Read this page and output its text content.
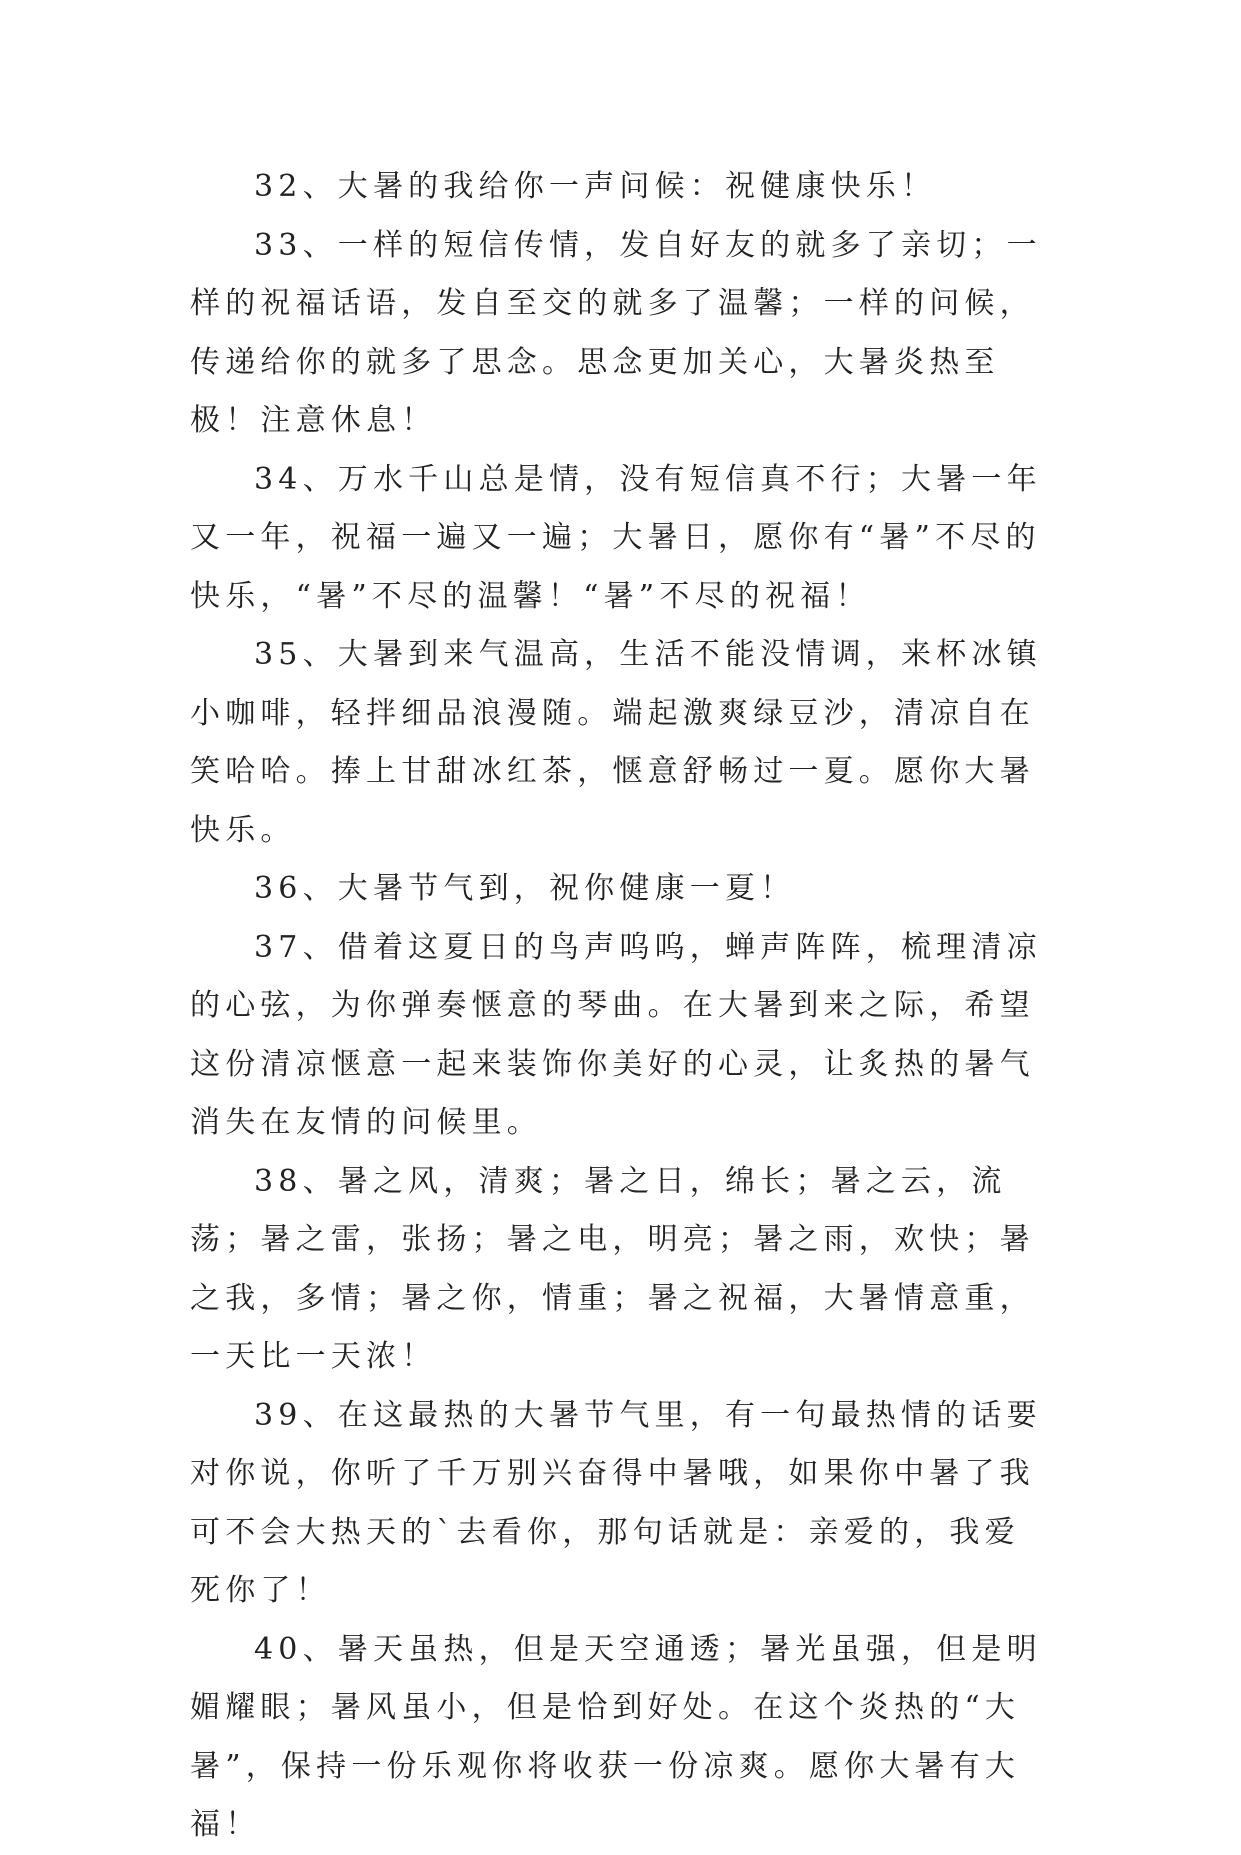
32、大暑的我给你一声问候：祝健康快乐！

33、一样的短信传情，发自好友的就多了亲切；一样的祝福话语，发自至交的就多了温馨；一样的问候，传递给你的就多了思念。思念更加关心，大暑炎热至极！注意休息！

34、万水千山总是情，没有短信真不行；大暑一年又一年，祝福一遍又一遍；大暑日，愿你有“暑”不尽的快乐，“暑”不尽的温馨！“暑”不尽的祝福！

35、大暑到来气温高，生活不能没情调，来杯冰镇小咖啡，轻拌细品浪漫随。端起激爽绿豆沙，清凉自在笑哈哈。捧上甘甜冰红茶，惬意舒畅过一夏。愿你大暑快乐。

36、大暑节气到，祝你健康一夏！

37、借着这夏日的鸟声呜呜，蝉声阵阵，梳理清凉的心弦，为你弹奏惬意的琴曲。在大暑到来之际，希望这份清凉惬意一起来装饰你美好的心灵，让炙热的暑气消失在友情的问候里。

38、暑之风，清爽；暑之日，绵长；暑之云，流荡；暑之雷，张扬；暑之电，明亮；暑之雨，欢快；暑之我，多情；暑之你，情重；暑之祝福，大暑情意重，一天比一天浓！

39、在这最热的大暑节气里，有一句最热情的话要对你说，你听了千万别兴奋得中暑哦，如果你中暑了我可不会大热天的`去看你，那句话就是：亲爱的，我爱死你了！

40、暑天虽热，但是天空通透；暑光虽强，但是明媚耀眼；暑风虽小，但是恰到好处。在这个炎热的“大暑”，保持一份乐观你将收获一份凉爽。愿你大暑有大福！
